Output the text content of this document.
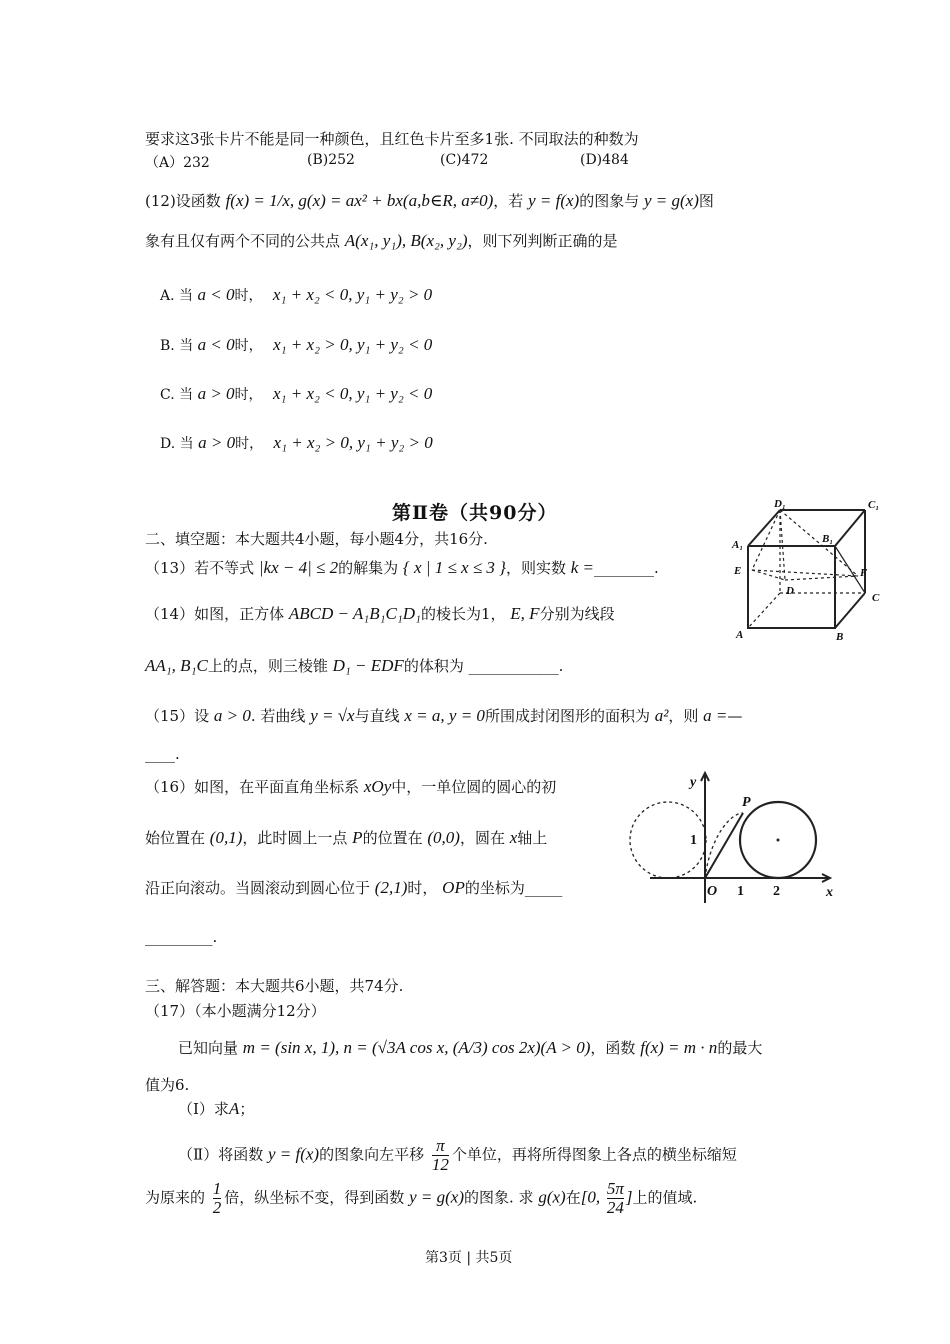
要求这3张卡片不能是同一种颜色，且红色卡片至多1张. 不同取法的种数为
（A）232	(B)252	(C)472	(D)484
(12)设函数 f(x) = 1/x, g(x) = ax² + bx(a,b∈R, a≠0)，若 y = f(x)的图象与 y = g(x)图
象有且仅有两个不同的公共点 A(x₁, y₁), B(x₂, y₂)，则下列判断正确的是
A. 当 a < 0时， x₁ + x₂ < 0, y₁ + y₂ > 0
B. 当 a < 0时， x₁ + x₂ > 0, y₁ + y₂ < 0
C. 当 a > 0时， x₁ + x₂ < 0, y₁ + y₂ < 0
D. 当 a > 0时， x₁ + x₂ > 0, y₁ + y₂ > 0
第Ⅱ卷（共90分）
二、填空题：本大题共4小题，每小题4分，共16分.
（13）若不等式 |kx − 4| ≤ 2的解集为 { x | 1 ≤ x ≤ 3 }，则实数 k =________.
（14）如图，正方体 ABCD − A₁B₁C₁D₁的棱长为1， E, F分别为线段
AA₁, B₁C上的点，则三棱锥 D₁ − EDF的体积为 ____________.
D₁	C₁
A₁	B₁
E	F
D
C
A	B
（15）设 a > 0. 若曲线 y = √x与直线 x = a, y = 0所围成封闭图形的面积为 a²，则 a =—
____.
（16）如图，在平面直角坐标系 xOy中，一单位圆的圆心的初
始位置在 (0,1)，此时圆上一点 P的位置在 (0,0)，圆在 x轴上
沿正向滚动。当圆滚动到圆心位于 (2,1)时， OP的坐标为_____
_________.
y
x
P
O 1 2
1
三、解答题：本大题共6小题，共74分.
（17）（本小题满分12分）
已知向量 m = (sin x, 1), n = (√3A cos x, (A/3) cos 2x)(A > 0)，函数 f(x) = m · n的最大
值为6.
（Ⅰ）求A；
（Ⅱ）将函数 y = f(x)的图象向左平移 $\frac{\pi}{12}$ 个单位，再将所得图象上各点的横坐标缩短
为原来的 $\frac{1}{2}$ 倍，纵坐标不变，得到函数 y = g(x)的图象. 求 g(x)在[0, $\frac{5\pi}{24}$ ]上的值域.
第3页 | 共5页
